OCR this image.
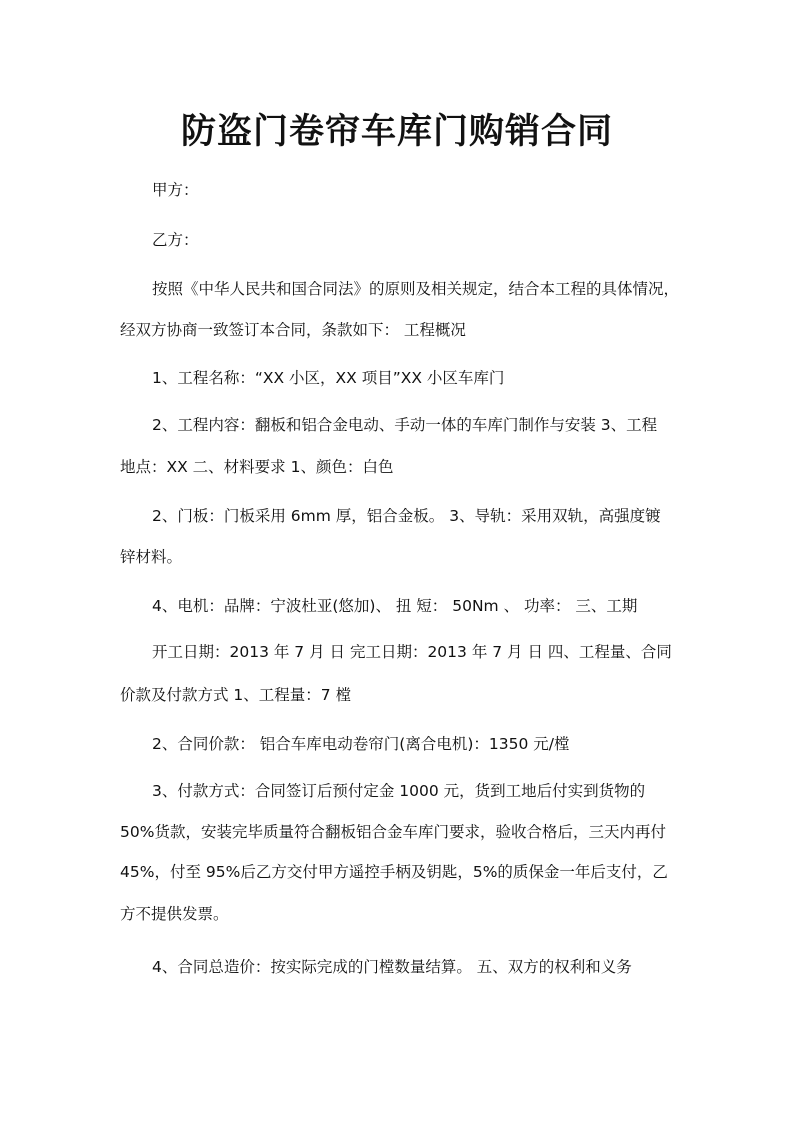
防盗门卷帘车库门购销合同
甲方：
乙方：
按照《中华人民共和国合同法》的原则及相关规定，结合本工程的具体情况，
经双方协商一致签订本合同，条款如下： 工程概况
1、工程名称：“XX 小区，XX 项目”XX 小区车库门
2、工程内容：翻板和铝合金电动、手动一体的车库门制作与安装 3、工程
地点：XX 二、材料要求 1、颜色：白色
2、门板：门板采用 6mm 厚，铝合金板。 3、导轨：采用双轨，高强度镀
锌材料。
4、电机：品牌：宁波杜亚(悠加)、 扭 短： 50Nm 、 功率： 三、工期
开工日期：2013 年 7 月 日 完工日期：2013 年 7 月 日 四、工程量、合同
价款及付款方式 1、工程量：7 樘
2、合同价款： 铝合车库电动卷帘门(离合电机)：1350 元/樘
3、付款方式：合同签订后预付定金 1000 元，货到工地后付实到货物的
50%货款，安装完毕质量符合翻板铝合金车库门要求，验收合格后，三天内再付
45%，付至 95%后乙方交付甲方遥控手柄及钥匙，5%的质保金一年后支付，乙
方不提供发票。
4、合同总造价：按实际完成的门樘数量结算。 五、双方的权利和义务
